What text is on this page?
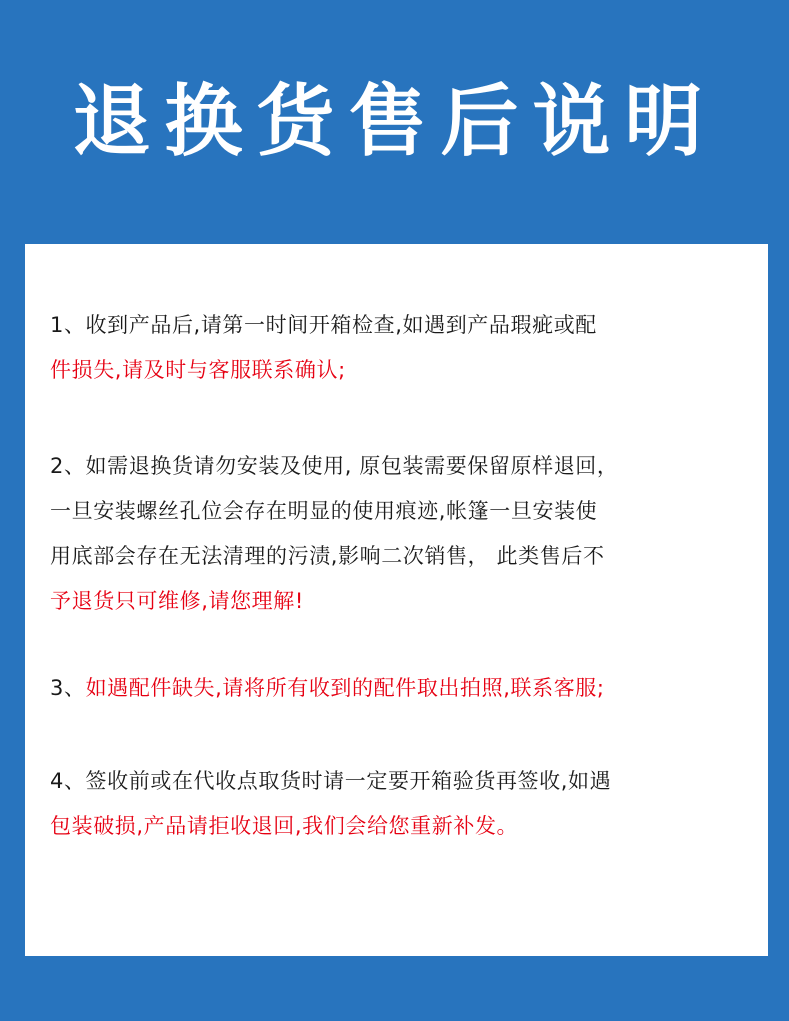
退换货售后说明
1、收到产品后,请第一时间开箱检查,如遇到产品瑕疵或配
件损失,请及时与客服联系确认;
2、如需退换货请勿安装及使用, 原包装需要保留原样退回，
一旦安装螺丝孔位会存在明显的使用痕迹,帐篷一旦安装使
用底部会存在无法清理的污渍,影响二次销售， 此类售后不
予退货只可维修,请您理解!
3、如遇配件缺失,请将所有收到的配件取出拍照,联系客服;
4、签收前或在代收点取货时请一定要开箱验货再签收,如遇
包装破损,产品请拒收退回,我们会给您重新补发。
